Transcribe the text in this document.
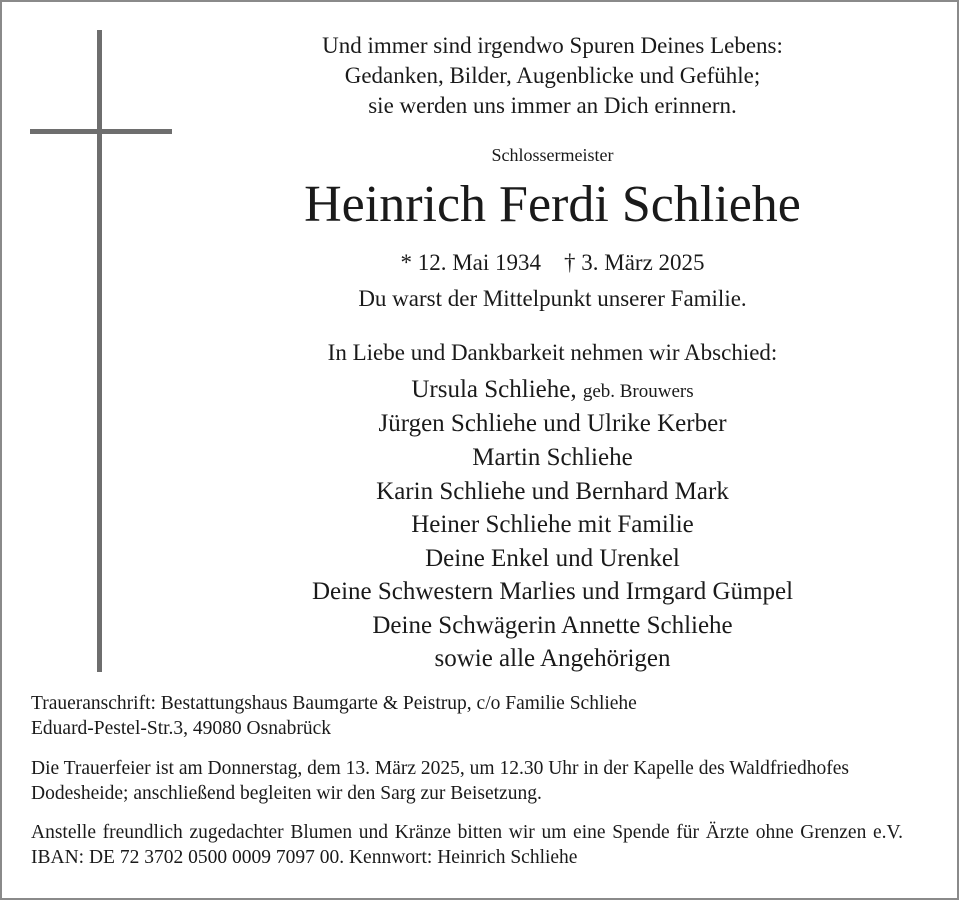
Und immer sind irgendwo Spuren Deines Lebens:

Gedanken, Bilder, Augenblicke und Gefühle;

sie werden uns immer an Dich erinnern.

Schlossermeister

Heinrich Ferdi Schliehe

* 12. Mai 1934    † 3. März 2025

Du warst der Mittelpunkt unserer Familie.

In Liebe und Dankbarkeit nehmen wir Abschied:

Ursula Schliehe, geb. Brouwers

Jürgen Schliehe und Ulrike Kerber

Martin Schliehe

Karin Schliehe und Bernhard Mark

Heiner Schliehe mit Familie

Deine Enkel und Urenkel

Deine Schwestern Marlies und Irmgard Gümpel

Deine Schwägerin Annette Schliehe

sowie alle Angehörigen

Traueranschrift: Bestattungshaus Baumgarte & Peistrup, c/o Familie Schliehe

Eduard-Pestel-Str.3, 49080 Osnabrück

Die Trauerfeier ist am Donnerstag, dem 13. März 2025, um 12.30 Uhr in der Kapelle des Waldfriedhofes Dodesheide; anschließend begleiten wir den Sarg zur Beisetzung.

Anstelle freundlich zugedachter Blumen und Kränze bitten wir um eine Spende für Ärzte ohne Grenzen e.V. IBAN: DE 72 3702 0500 0009 7097 00. Kennwort: Heinrich Schliehe
